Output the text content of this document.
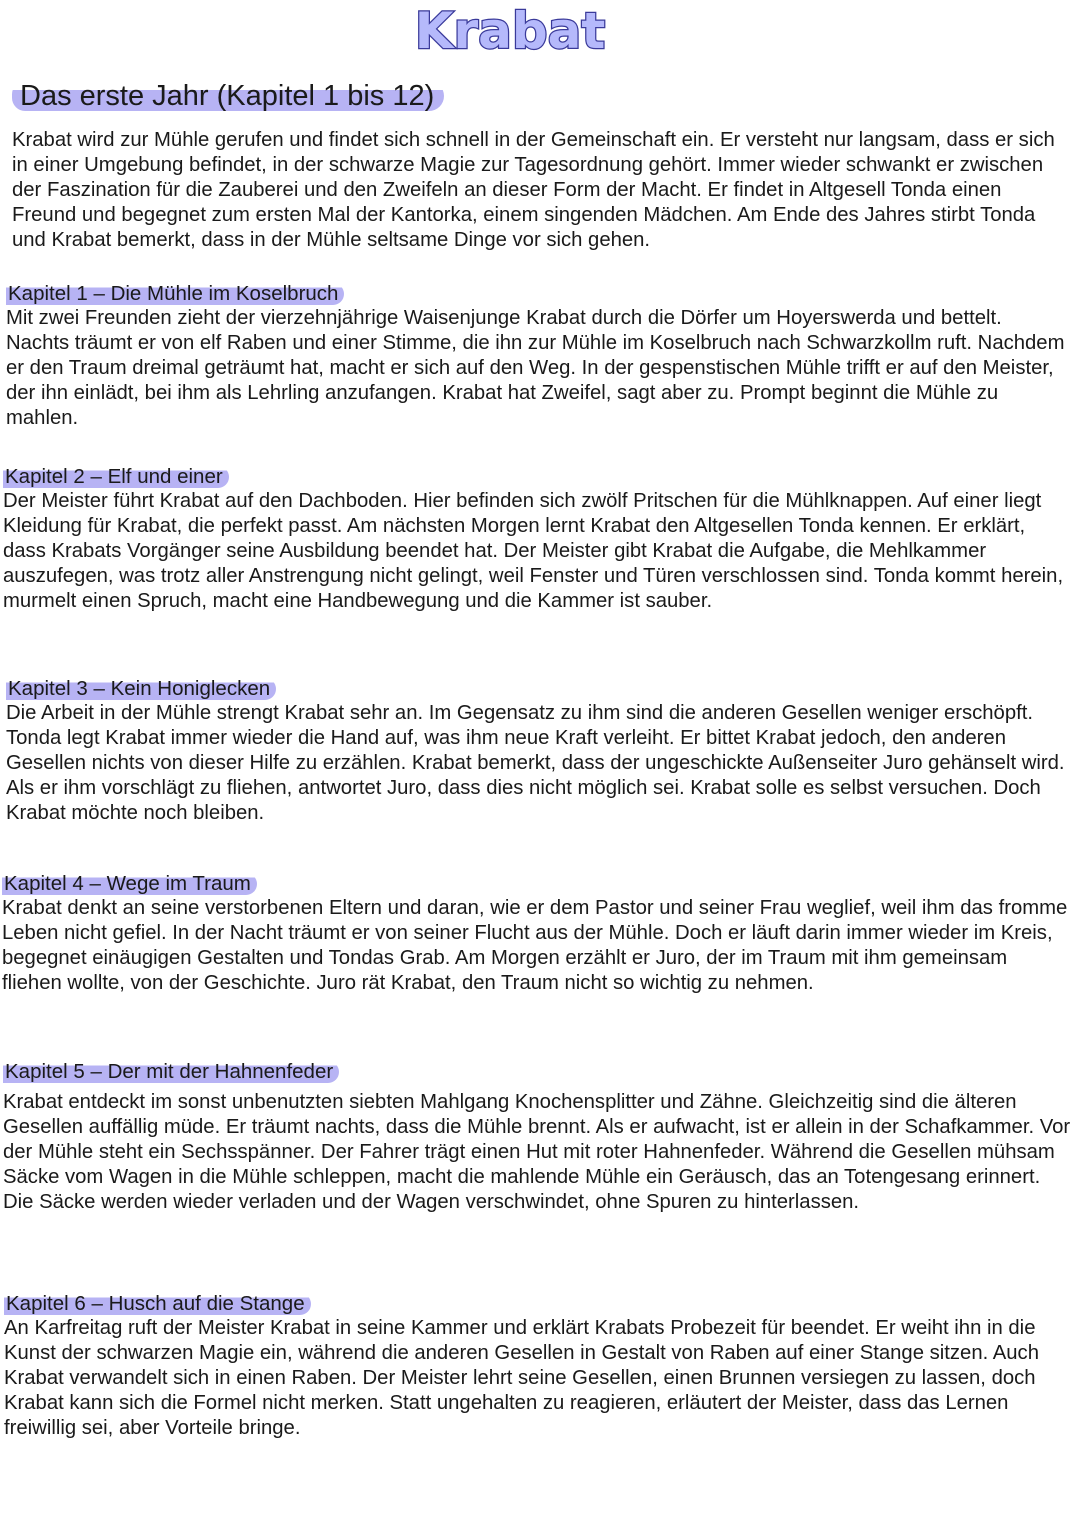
Krabat
Das erste Jahr (Kapitel 1 bis 12)

Krabat wird zur Mühle gerufen und findet sich schnell in der Gemeinschaft ein. Er versteht nur langsam, dass er sich in einer Umgebung befindet, in der schwarze Magie zur Tagesordnung gehört. Immer wieder schwankt er zwischen der Faszination für die Zauberei und den Zweifeln an dieser Form der Macht. Er findet in Altgesell Tonda einen Freund und begegnet zum ersten Mal der Kantorka, einem singenden Mädchen. Am Ende des Jahres stirbt Tonda und Krabat bemerkt, dass in der Mühle seltsame Dinge vor sich gehen.

Kapitel 1 – Die Mühle im Koselbruch

Mit zwei Freunden zieht der vierzehnjährige Waisenjunge Krabat durch die Dörfer um Hoyerswerda und bettelt. Nachts träumt er von elf Raben und einer Stimme, die ihn zur Mühle im Koselbruch nach Schwarzkollm ruft. Nachdem er den Traum dreimal geträumt hat, macht er sich auf den Weg. In der gespenstischen Mühle trifft er auf den Meister, der ihn einlädt, bei ihm als Lehrling anzufangen. Krabat hat Zweifel, sagt aber zu. Prompt beginnt die Mühle zu mahlen.

Kapitel 2 – Elf und einer

Der Meister führt Krabat auf den Dachboden. Hier befinden sich zwölf Pritschen für die Mühlknappen. Auf einer liegt Kleidung für Krabat, die perfekt passt. Am nächsten Morgen lernt Krabat den Altgesellen Tonda kennen. Er erklärt, dass Krabats Vorgänger seine Ausbildung beendet hat. Der Meister gibt Krabat die Aufgabe, die Mehlkammer auszufegen, was trotz aller Anstrengung nicht gelingt, weil Fenster und Türen verschlossen sind. Tonda kommt herein, murmelt einen Spruch, macht eine Handbewegung und die Kammer ist sauber.

Kapitel 3 – Kein Honiglecken

Die Arbeit in der Mühle strengt Krabat sehr an. Im Gegensatz zu ihm sind die anderen Gesellen weniger erschöpft. Tonda legt Krabat immer wieder die Hand auf, was ihm neue Kraft verleiht. Er bittet Krabat jedoch, den anderen Gesellen nichts von dieser Hilfe zu erzählen. Krabat bemerkt, dass der ungeschickte Außenseiter Juro gehänselt wird. Als er ihm vorschlägt zu fliehen, antwortet Juro, dass dies nicht möglich sei. Krabat solle es selbst versuchen. Doch Krabat möchte noch bleiben.

Kapitel 4 – Wege im Traum

Krabat denkt an seine verstorbenen Eltern und daran, wie er dem Pastor und seiner Frau weglief, weil ihm das fromme Leben nicht gefiel. In der Nacht träumt er von seiner Flucht aus der Mühle. Doch er läuft darin immer wieder im Kreis, begegnet einäugigen Gestalten und Tondas Grab. Am Morgen erzählt er Juro, der im Traum mit ihm gemeinsam fliehen wollte, von der Geschichte. Juro rät Krabat, den Traum nicht so wichtig zu nehmen.

Kapitel 5 – Der mit der Hahnenfeder

Krabat entdeckt im sonst unbenutzten siebten Mahlgang Knochensplitter und Zähne. Gleichzeitig sind die älteren Gesellen auffällig müde. Er träumt nachts, dass die Mühle brennt. Als er aufwacht, ist er allein in der Schafkammer. Vor der Mühle steht ein Sechsspänner. Der Fahrer trägt einen Hut mit roter Hahnenfeder. Während die Gesellen mühsam Säcke vom Wagen in die Mühle schleppen, macht die mahlende Mühle ein Geräusch, das an Totengesang erinnert. Die Säcke werden wieder verladen und der Wagen verschwindet, ohne Spuren zu hinterlassen.

Kapitel 6 – Husch auf die Stange

An Karfreitag ruft der Meister Krabat in seine Kammer und erklärt Krabats Probezeit für beendet. Er weiht ihn in die Kunst der schwarzen Magie ein, während die anderen Gesellen in Gestalt von Raben auf einer Stange sitzen. Auch Krabat verwandelt sich in einen Raben. Der Meister lehrt seine Gesellen, einen Brunnen versiegen zu lassen, doch Krabat kann sich die Formel nicht merken. Statt ungehalten zu reagieren, erläutert der Meister, dass das Lernen freiwillig sei, aber Vorteile bringe.
